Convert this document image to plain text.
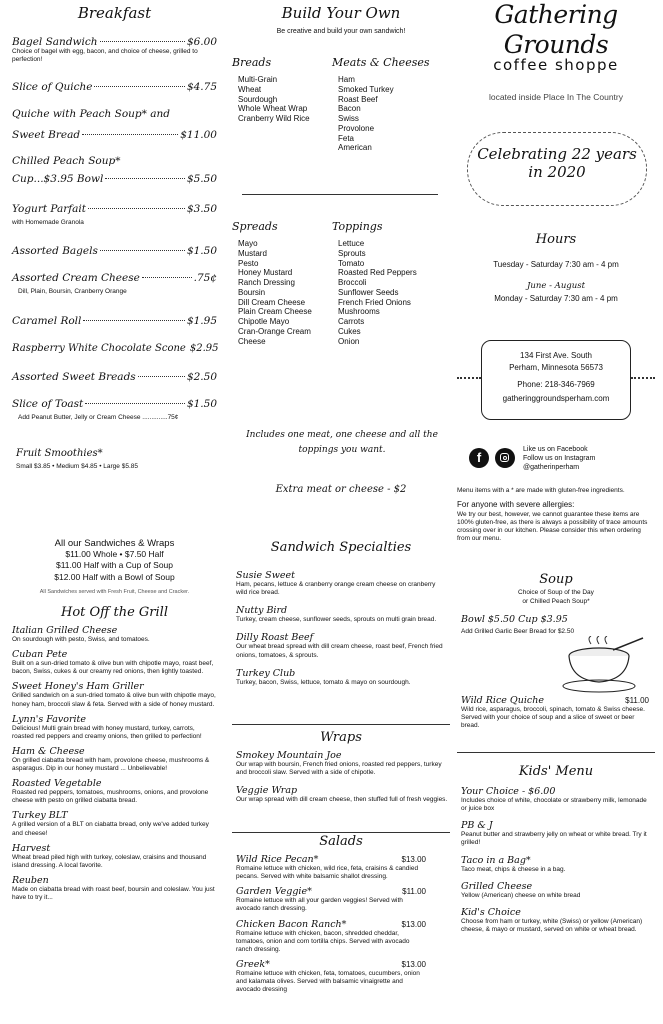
Breakfast
Bagel Sandwich	$6.00
Choice of bagel with egg, bacon, and choice of cheese, grilled to perfection!
Slice of Quiche	$4.75
Quiche with Peach Soup* and
Sweet Bread	$11.00
Chilled Peach Soup*
Cup...$3.95 Bowl	$5.50
Yogurt Parfait	$3.50
with Homemade Granola
Assorted Bagels	$1.50
Assorted Cream Cheese	.75¢
Dill, Plain, Boursin, Cranberry Orange
Caramel Roll	$1.95
Raspberry White Chocolate Scone $2.95
Assorted Sweet Breads	$2.50
Slice of Toast	$1.50
Add Peanut Butter, Jelly or Cream Cheese ..............75¢
Fruit Smoothies*
Small $3.85 • Medium $4.85 • Large $5.85
All our Sandwiches & Wraps
$11.00 Whole • $7.50 Half
$11.00 Half with a Cup of Soup
$12.00 Half with a Bowl of Soup
All Sandwiches served with Fresh Fruit, Cheese and Cracker.
Hot Off the Grill
Italian Grilled Cheese
On sourdough with pesto, Swiss, and tomatoes.
Cuban Pete
Built on a sun-dried tomato & olive bun with chipotle mayo, roast beef, bacon, Swiss, cukes & our creamy red onions, then lightly toasted.
Sweet Honey's Ham Griller
Grilled sandwich on a sun-dried tomato & olive bun with chipotle mayo, honey ham, broccoli slaw & feta. Served with a side of honey mustard.
Lynn's Favorite
Delicious! Multi grain bread with honey mustard, turkey, carrots, roasted red peppers and creamy onions, then grilled to perfection!
Ham & Cheese
On grilled ciabatta bread with ham, provolone cheese, mushrooms & asparagus. Dip in our honey mustard ... Unbelievable!
Roasted Vegetable
Roasted red peppers, tomatoes, mushrooms, onions, and provolone cheese with pesto on grilled ciabatta bread.
Turkey BLT
A grilled version of a BLT on ciabatta bread, only we've added turkey and cheese!
Harvest
Wheat bread piled high with turkey, coleslaw, craisins and thousand island dressing. A local favorite.
Reuben
Made on ciabatta bread with roast beef, boursin and coleslaw. You just have to try it...
Build Your Own
Be creative and build your own sandwich!
Breads
Multi-Grain
Wheat
Sourdough
Whole Wheat Wrap
Cranberry Wild Rice
Meats & Cheeses
Ham
Smoked Turkey
Roast Beef
Bacon
Swiss
Provolone
Feta
American
Spreads
Mayo
Mustard
Pesto
Honey Mustard
Ranch Dressing
Boursin
Dill Cream Cheese
Plain Cream Cheese
Chipotle Mayo
Cran-Orange Cream
Cheese
Toppings
Lettuce
Sprouts
Tomato
Roasted Red Peppers
Broccoli
Sunflower Seeds
French Fried Onions
Mushrooms
Carrots
Cukes
Onion
Includes one meat, one cheese and all the toppings you want.
Extra meat or cheese - $2
Sandwich Specialties
Susie Sweet
Ham, pecans, lettuce & cranberry orange cream cheese on cranberry wild rice bread.
Nutty Bird
Turkey, cream cheese, sunflower seeds, sprouts on multi grain bread.
Dilly Roast Beef
Our wheat bread spread with dill cream cheese, roast beef, French fried onions, tomatoes, & sprouts.
Turkey Club
Turkey, bacon, Swiss, lettuce, tomato & mayo on sourdough.
Wraps
Smokey Mountain Joe
Our wrap with boursin, French fried onions, roasted red peppers, turkey and broccoli slaw. Served with a side of chipotle.
Veggie Wrap
Our wrap spread with dill cream cheese, then stuffed full of fresh veggies.
Salads
Wild Rice Pecan*	$13.00
Romaine lettuce with chicken, wild rice, feta, craisins & candied pecans. Served with white balsamic shallot dressing.
Garden Veggie*	$11.00
Romaine lettuce with all your garden veggies! Served with avocado ranch dressing.
Chicken Bacon Ranch*	$13.00
Romaine lettuce with chicken, bacon, shredded cheddar, tomatoes, onion and corn tortilla chips. Served with avocado ranch dressing.
Greek*	$13.00
Romaine lettuce with chicken, feta, tomatoes, cucumbers, onion and kalamata olives. Served with balsamic vinaigrette and avocado dressing
Gathering Grounds
coffee shoppe
located inside Place In The Country
Celebrating 22 years
in 2020
Hours
Tuesday - Saturday 7:30 am - 4 pm
June - August
Monday - Saturday 7:30 am - 4 pm
134 First Ave. South
Perham, Minnesota 56573
Phone: 218-346-7969
gatheringgroundsperham.com
f
Like us on Facebook
Follow us on Instagram
@gatherinperham
Menu items with a * are made with gluten-free ingredients.
For anyone with severe allergies:
We try our best, however, we cannot guarantee these items are 100% gluten-free, as there is always a possibility of trace amounts crossing over in our kitchen. Please consider this when ordering from our menu.
Soup
Choice of Soup of the Day
or Chilled Peach Soup*
Bowl $5.50 Cup $3.95
Add Grilled Garlic Beer Bread for $2.50
Wild Rice Quiche	$11.00
Wild rice, asparagus, broccoli, spinach, tomato & Swiss cheese. Served with your choice of soup and a slice of sweet or beer bread.
Kids' Menu
Your Choice - $6.00
Includes choice of white, chocolate or strawberry milk, lemonade or juice box
PB & J
Peanut butter and strawberry jelly on wheat or white bread. Try it grilled!
Taco in a Bag*
Taco meat, chips & cheese in a bag.
Grilled Cheese
Yellow (American) cheese on white bread
Kid's Choice
Choose from ham or turkey, white (Swiss) or yellow (American) cheese, & mayo or mustard, served on white or wheat bread.
